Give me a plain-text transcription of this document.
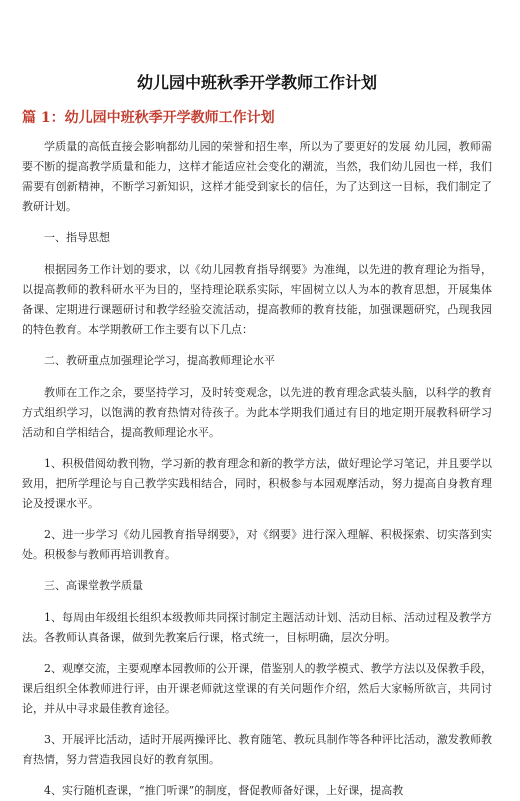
幼儿园中班秋季开学教师工作计划
篇 1：幼儿园中班秋季开学教师工作计划

学质量的高低直接会影响都幼儿园的荣誉和招生率，所以为了要更好的发展 幼儿园，教师需要不断的提高教学质量和能力，这样才能适应社会变化的潮流，当然，我们幼儿园也一样，我们需要有创新精神，不断学习新知识，这样才能受到家长的信任，为了达到这一目标，我们制定了教研计划。

一、指导思想

根据园务工作计划的要求，以《幼儿园教育指导纲要》为准绳，以先进的教育理论为指导，以提高教师的教科研水平为目的，坚持理论联系实际，牢固树立以人为本的教育思想，开展集体备课、定期进行课题研讨和教学经验交流活动，提高教师的教育技能，加强课题研究，凸现我园的特色教育。本学期教研工作主要有以下几点：

二、教研重点加强理论学习，提高教师理论水平

教师在工作之余，要坚持学习，及时转变观念，以先进的教育理念武装头脑，以科学的教育方式组织学习，以饱满的教育热情对待孩子。为此本学期我们通过有目的地定期开展教科研学习活动和自学相结合，提高教师理论水平。

1、积极借阅幼教刊物，学习新的教育理念和新的教学方法，做好理论学习笔记，并且要学以致用，把所学理论与自己教学实践相结合，同时，积极参与本园观摩活动，努力提高自身教育理论及授课水平。

2、进一步学习《幼儿园教育指导纲要》，对《纲要》进行深入理解、积极探索、切实落到实处。积极参与教师再培训教育。

三、高课堂教学质量

1、每周由年级组长组织本级教师共同探讨制定主题活动计划、活动目标、活动过程及教学方法。各教师认真备课，做到先教案后行课，格式统一，目标明确，层次分明。

2、观摩交流，主要观摩本园教师的公开课，借鉴别人的教学模式、教学方法以及保教手段，课后组织全体教师进行评，由开课老师就这堂课的有关问题作介绍，然后大家畅所欲言，共同讨论，并从中寻求最佳教育途径。

3、开展评比活动，适时开展两操评比、教育随笔、教玩具制作等各种评比活动，激发教师教育热情，努力营造我园良好的教育氛围。

4、实行随机查课，“推门听课”的制度，督促教师备好课，上好课，提高教
